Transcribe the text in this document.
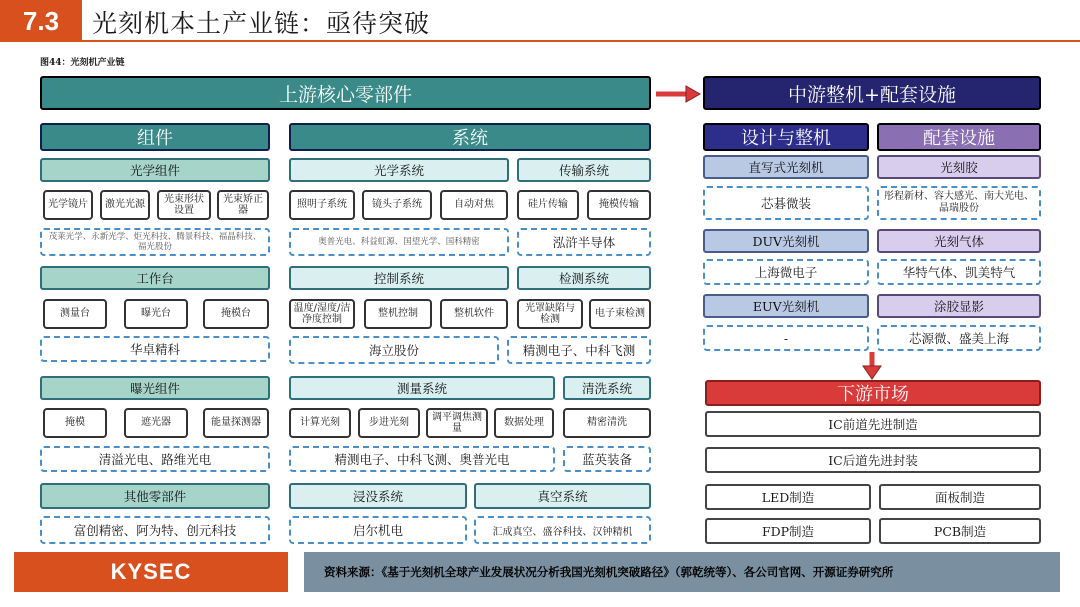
7.3	光刻机本土产业链：亟待突破
图44：光刻机产业链
上游核心零部件	中游整机+配套设施
组件	系统	设计与整机	配套设施
光学组件
光学镜片	激光光源
光束形状设置
光束矫正器
茂莱光学、永新光学、炬光科技、腾景科技、福晶科技、福光股份
工作台
测量台	曝光台	掩模台
华卓精科
曝光组件
掩模	遮光器	能量探测器
清溢光电、路维光电
其他零部件
富创精密、阿为特、创元科技
光学系统
照明子系统	镜头子系统	自动对焦
奥普光电、科益虹源、国望光学、国科精密
传输系统
硅片传输	掩模传输
泓浒半导体
控制系统
温度/湿度/洁净度控制
整机控制	整机软件
海立股份
检测系统
光罩缺陷与检测
电子束检测
精测电子、中科飞测
测量系统
计算光刻	步进光刻
调平调焦测量
数据处理
精测电子、中科飞测、奥普光电
清洗系统
精密清洗
蓝英装备
浸没系统
启尔机电
真空系统
汇成真空、盛谷科技、汉钟精机
直写式光刻机
芯碁微装
DUV光刻机
上海微电子
EUV光刻机
-
光刻胶
彤程新材、容大感光、南大光电、晶瑞股份
光刻气体
华特气体、凯美特气
涂胶显影
芯源微、盛美上海
下游市场
IC前道先进制造
IC后道先进封装
LED制造	面板制造
FDP制造	PCB制造
KYSEC	资料来源：《基于光刻机全球产业发展状况分析我国光刻机突破路径》（郭乾统等）、各公司官网、开源证券研究所
